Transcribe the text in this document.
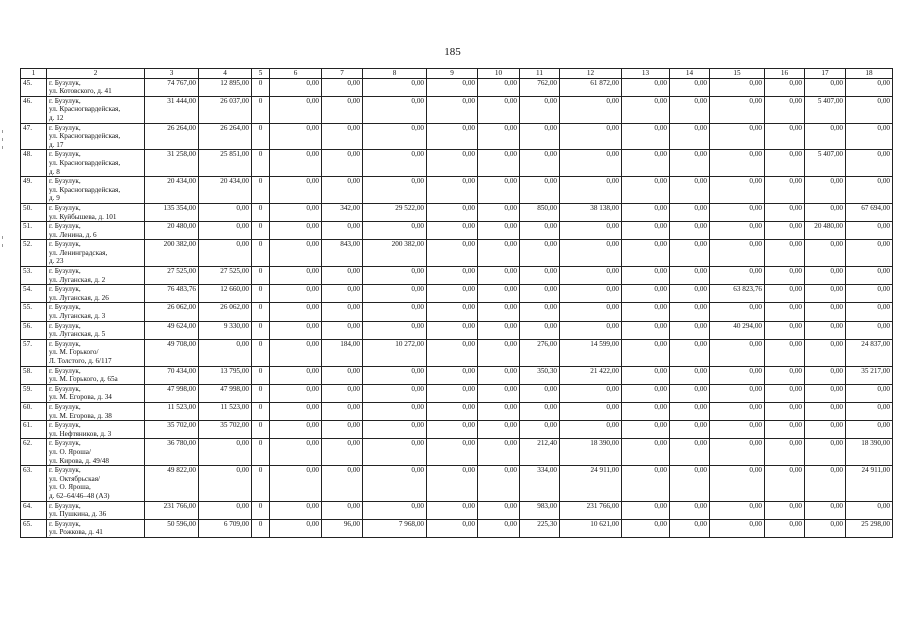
185
1	2	3	4	5	6	7	8	9	10	11	12	13	14	15	16	17	18
45.	г. Бузулук,
ул. Котовского, д. 41	74 767,00	12 895,00	0	0,00	0,00	0,00	0,00	0,00	762,00	61 872,00	0,00	0,00	0,00	0,00	0,00	0,00
46.	г. Бузулук,
ул. Красногвардейская,
д. 12	31 444,00	26 037,00	0	0,00	0,00	0,00	0,00	0,00	0,00	0,00	0,00	0,00	0,00	0,00	5 407,00	0,00
47.	г. Бузулук,
ул. Красногвардейская,
д. 17	26 264,00	26 264,00	0	0,00	0,00	0,00	0,00	0,00	0,00	0,00	0,00	0,00	0,00	0,00	0,00	0,00
48.	г. Бузулук,
ул. Красногвардейская,
д. 8	31 258,00	25 851,00	0	0,00	0,00	0,00	0,00	0,00	0,00	0,00	0,00	0,00	0,00	0,00	5 407,00	0,00
49.	г. Бузулук,
ул. Красногвардейская,
д. 9	20 434,00	20 434,00	0	0,00	0,00	0,00	0,00	0,00	0,00	0,00	0,00	0,00	0,00	0,00	0,00	0,00
50.	г. Бузулук,
ул. Куйбышева, д. 101	135 354,00	0,00	0	0,00	342,00	29 522,00	0,00	0,00	850,00	38 138,00	0,00	0,00	0,00	0,00	0,00	67 694,00
51.	г. Бузулук,
ул. Ленина, д. 6	20 480,00	0,00	0	0,00	0,00	0,00	0,00	0,00	0,00	0,00	0,00	0,00	0,00	0,00	20 480,00	0,00
52.	г. Бузулук,
ул. Ленинградская,
д. 23	200 382,00	0,00	0	0,00	843,00	200 382,00	0,00	0,00	0,00	0,00	0,00	0,00	0,00	0,00	0,00	0,00
53.	г. Бузулук,
ул. Луганская, д. 2	27 525,00	27 525,00	0	0,00	0,00	0,00	0,00	0,00	0,00	0,00	0,00	0,00	0,00	0,00	0,00	0,00
54.	г. Бузулук,
ул. Луганская, д. 26	76 483,76	12 660,00	0	0,00	0,00	0,00	0,00	0,00	0,00	0,00	0,00	0,00	63 823,76	0,00	0,00	0,00
55.	г. Бузулук,
ул. Луганская, д. 3	26 062,00	26 062,00	0	0,00	0,00	0,00	0,00	0,00	0,00	0,00	0,00	0,00	0,00	0,00	0,00	0,00
56.	г. Бузулук,
ул. Луганская, д. 5	49 624,00	9 330,00	0	0,00	0,00	0,00	0,00	0,00	0,00	0,00	0,00	0,00	40 294,00	0,00	0,00	0,00
57.	г. Бузулук,
ул. М. Горького/
Л. Толстого, д. 6/117	49 708,00	0,00	0	0,00	184,00	10 272,00	0,00	0,00	276,00	14 599,00	0,00	0,00	0,00	0,00	0,00	24 837,00
58.	г. Бузулук,
ул. М. Горького, д. 65а	70 434,00	13 795,00	0	0,00	0,00	0,00	0,00	0,00	350,30	21 422,00	0,00	0,00	0,00	0,00	0,00	35 217,00
59.	г. Бузулук,
ул. М. Егорова, д. 34	47 998,00	47 998,00	0	0,00	0,00	0,00	0,00	0,00	0,00	0,00	0,00	0,00	0,00	0,00	0,00	0,00
60.	г. Бузулук,
ул. М. Егорова, д. 38	11 523,00	11 523,00	0	0,00	0,00	0,00	0,00	0,00	0,00	0,00	0,00	0,00	0,00	0,00	0,00	0,00
61.	г. Бузулук,
ул. Нефтяников, д. 3	35 702,00	35 702,00	0	0,00	0,00	0,00	0,00	0,00	0,00	0,00	0,00	0,00	0,00	0,00	0,00	0,00
62.	г. Бузулук,
ул. О. Яроша/
ул. Кирова, д. 49/48	36 780,00	0,00	0	0,00	0,00	0,00	0,00	0,00	212,40	18 390,00	0,00	0,00	0,00	0,00	0,00	18 390,00
63.	г. Бузулук,
ул. Октябрьская/
ул. О. Яроша,
д. 62–64/46–48 (А3)	49 822,00	0,00	0	0,00	0,00	0,00	0,00	0,00	334,00	24 911,00	0,00	0,00	0,00	0,00	0,00	24 911,00
64.	г. Бузулук,
ул. Пушкина, д. 36	231 766,00	0,00	0	0,00	0,00	0,00	0,00	0,00	983,00	231 766,00	0,00	0,00	0,00	0,00	0,00	0,00
65.	г. Бузулук,
ул. Рожкова, д. 41	50 596,00	6 709,00	0	0,00	96,00	7 968,00	0,00	0,00	225,30	10 621,00	0,00	0,00	0,00	0,00	0,00	25 298,00
